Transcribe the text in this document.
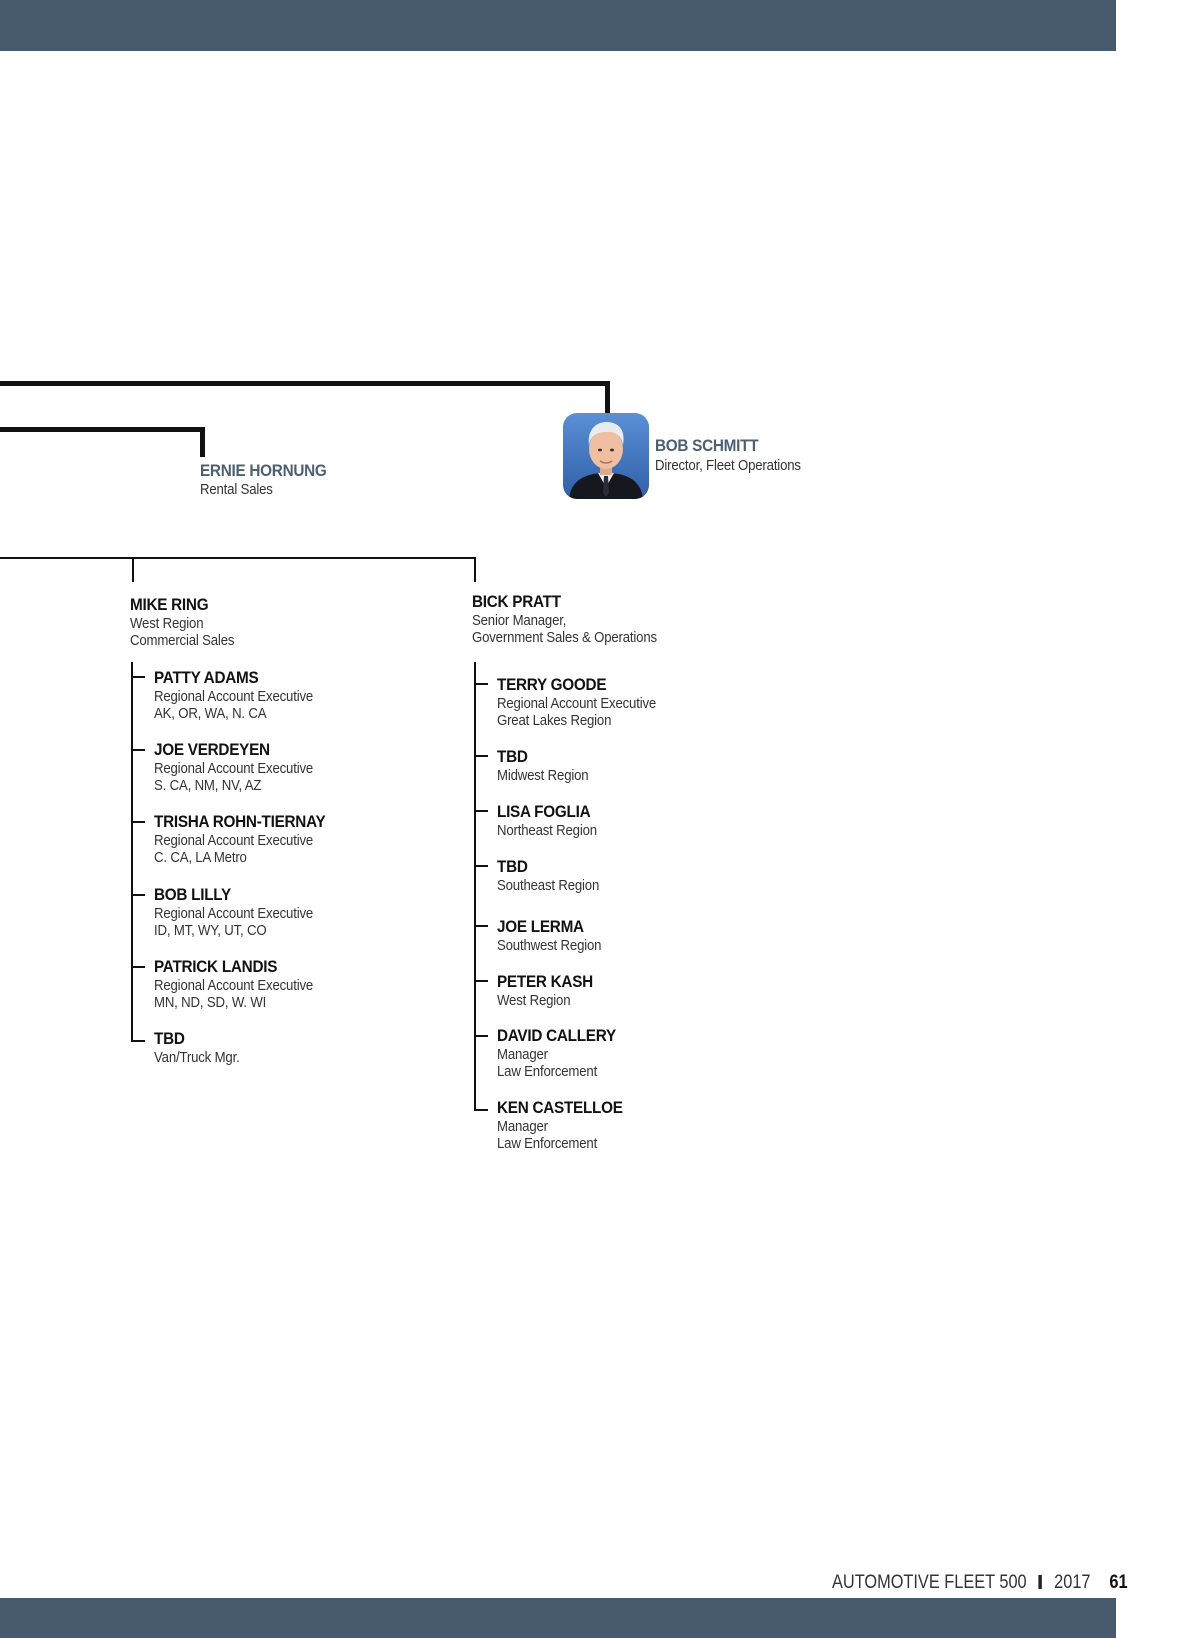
BOB SCHMITT
Director, Fleet Operations
ERNIE HORNUNG
Rental Sales
MIKE RING
West Region
Commercial Sales
BICK PRATT
Senior Manager,
Government Sales & Operations
PATTY ADAMS
Regional Account Executive
AK, OR, WA, N. CA
JOE VERDEYEN
Regional Account Executive
S. CA, NM, NV, AZ
TRISHA ROHN-TIERNAY
Regional Account Executive
C. CA, LA Metro
BOB LILLY
Regional Account Executive
ID, MT, WY, UT, CO
PATRICK LANDIS
Regional Account Executive
MN, ND, SD, W. WI
TBD
Van/Truck Mgr.
TERRY GOODE
Regional Account Executive
Great Lakes Region
TBD
Midwest Region
LISA FOGLIA
Northeast Region
TBD
Southeast Region
JOE LERMA
Southwest Region
PETER KASH
West Region
DAVID CALLERY
Manager
Law Enforcement
KEN CASTELLOE
Manager
Law Enforcement
AUTOMOTIVE FLEET 500 2017 61
